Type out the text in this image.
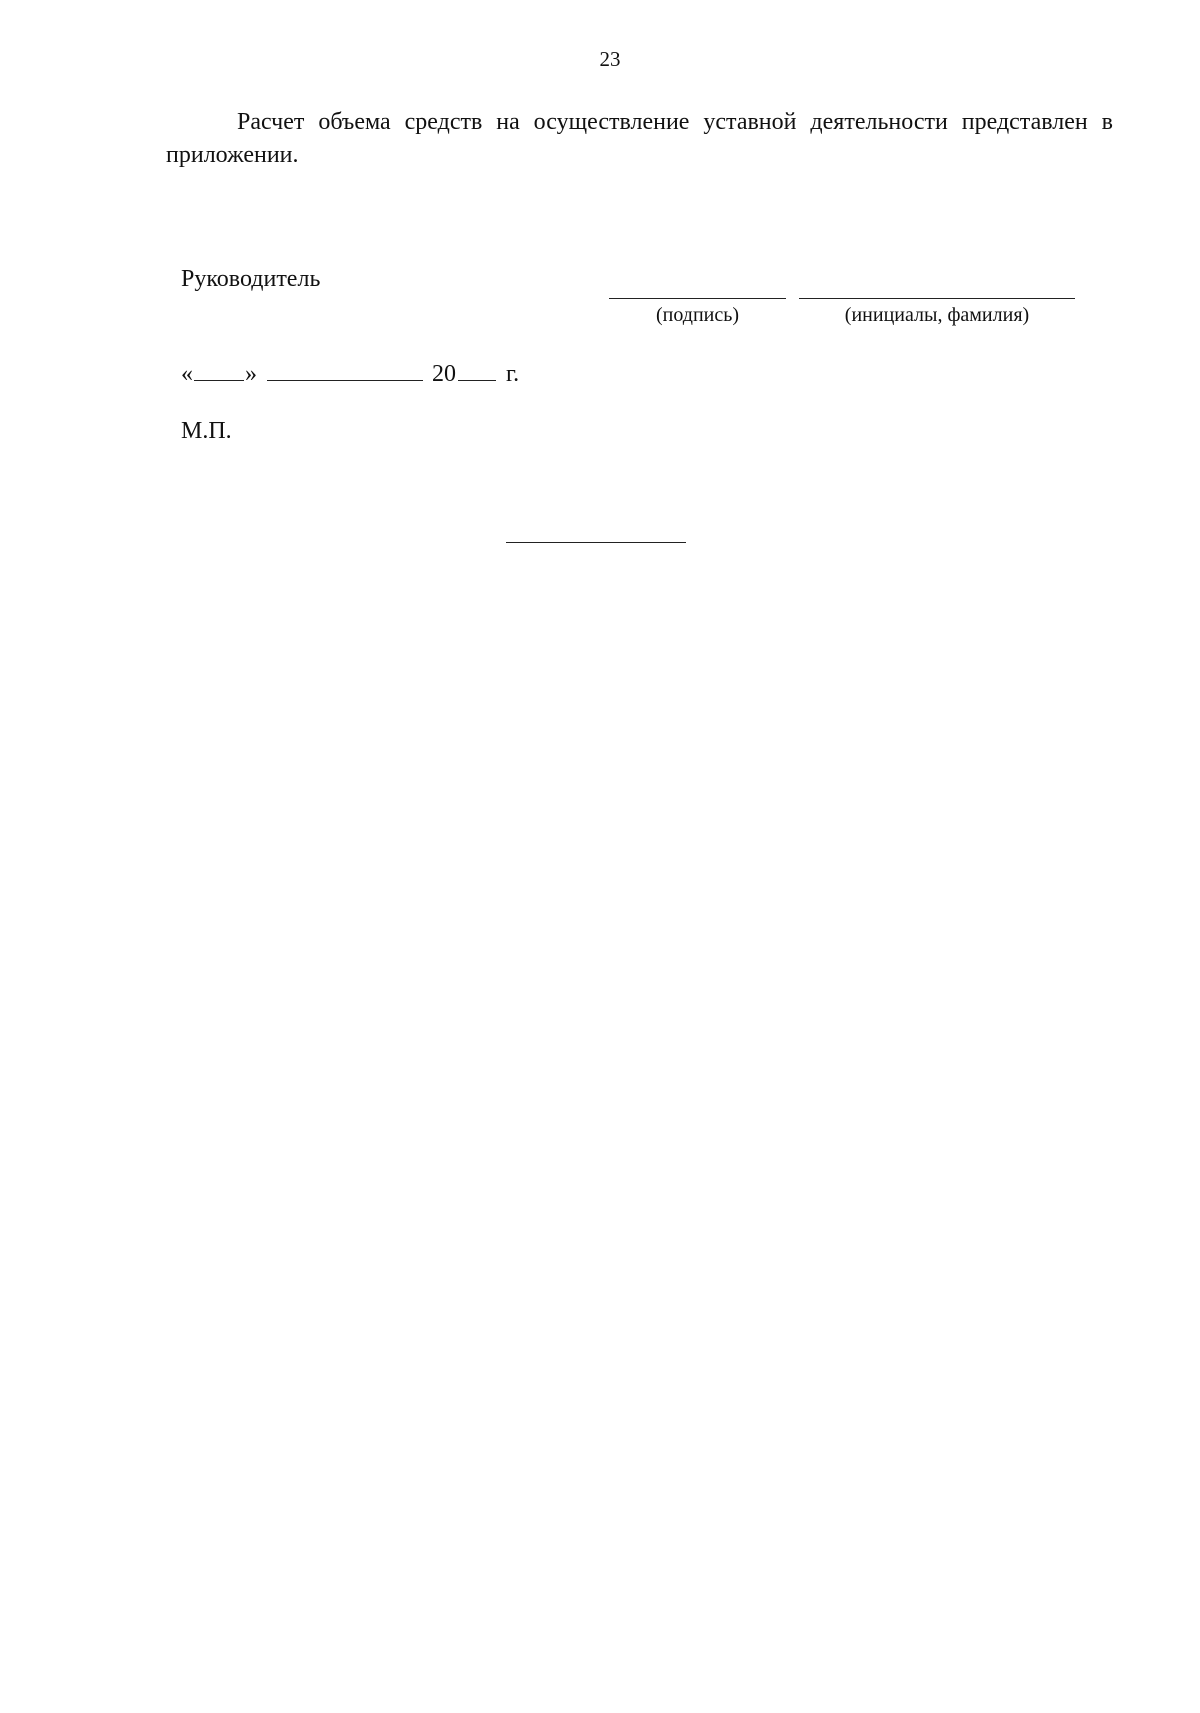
23

Расчет объема средств на осуществление уставной деятельности представлен в приложении.

Руководитель
(подпись)	(инициалы, фамилия)
« »	20 г.
М.П.
